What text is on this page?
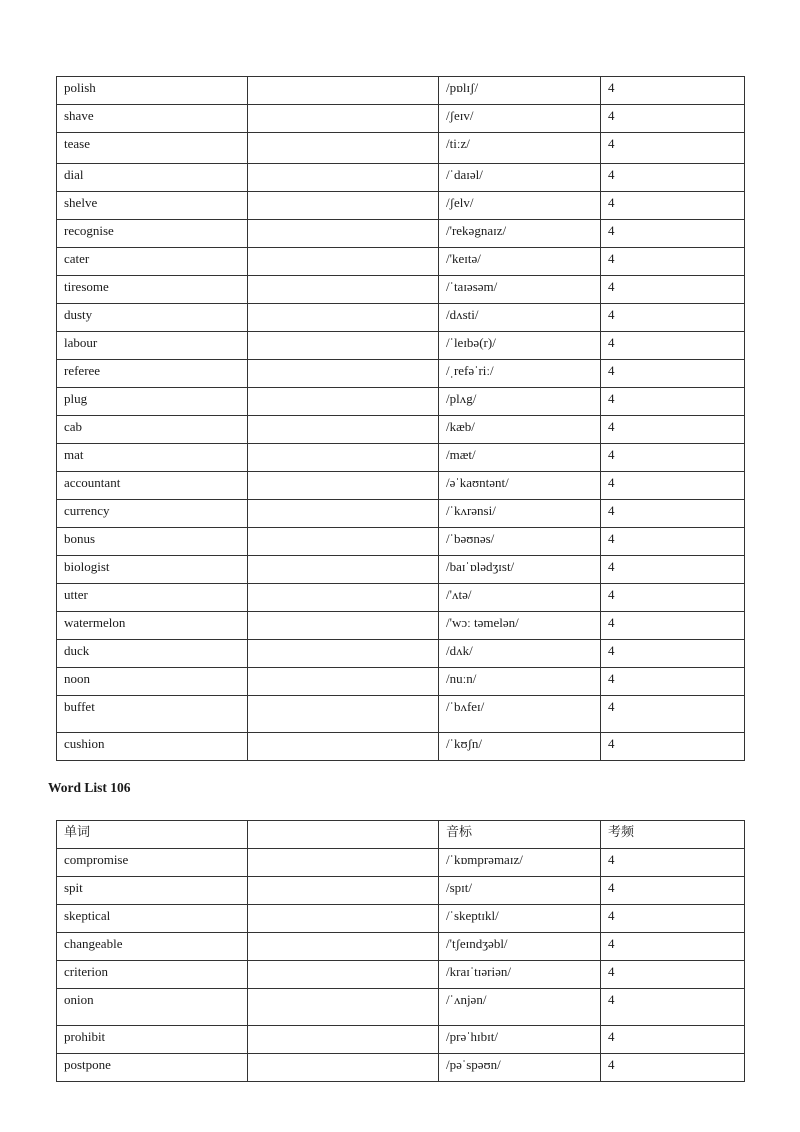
polish		/pɒlɪʃ/	4
shave		/ʃeɪv/	4
tease		/tiːz/	4
dial		/ˈdaɪəl/	4
shelve		/ʃelv/	4
recognise		/'rekəgnaɪz/	4
cater		/'keɪtə/	4
tiresome		/ˈtaɪəsəm/	4
dusty		/dʌsti/	4
labour		/ˈleɪbə(r)/	4
referee		/ˌrefəˈriː/	4
plug		/plʌg/	4
cab		/kæb/	4
mat		/mæt/	4
accountant		/əˈkaʊntənt/	4
currency		/ˈkʌrənsi/	4
bonus		/ˈbəʊnəs/	4
biologist		/baɪˈɒlədʒɪst/	4
utter		/'ʌtə/	4
watermelon		/'wɔː təmelən/	4
duck		/dʌk/	4
noon		/nuːn/	4
buffet		/ˈbʌfeɪ/	4
cushion		/ˈkʊʃn/	4
Word List 106
单词		音标	考频
compromise		/ˈkɒmprəmaɪz/	4
spit		/spɪt/	4
skeptical		/ˈskeptɪkl/	4
changeable		/'tʃeɪndʒəbl/	4
criterion		/kraɪˈtɪəriən/	4
onion		/ˈʌnjən/	4
prohibit		/prəˈhɪbɪt/	4
postpone		/pəˈspəʊn/	4
